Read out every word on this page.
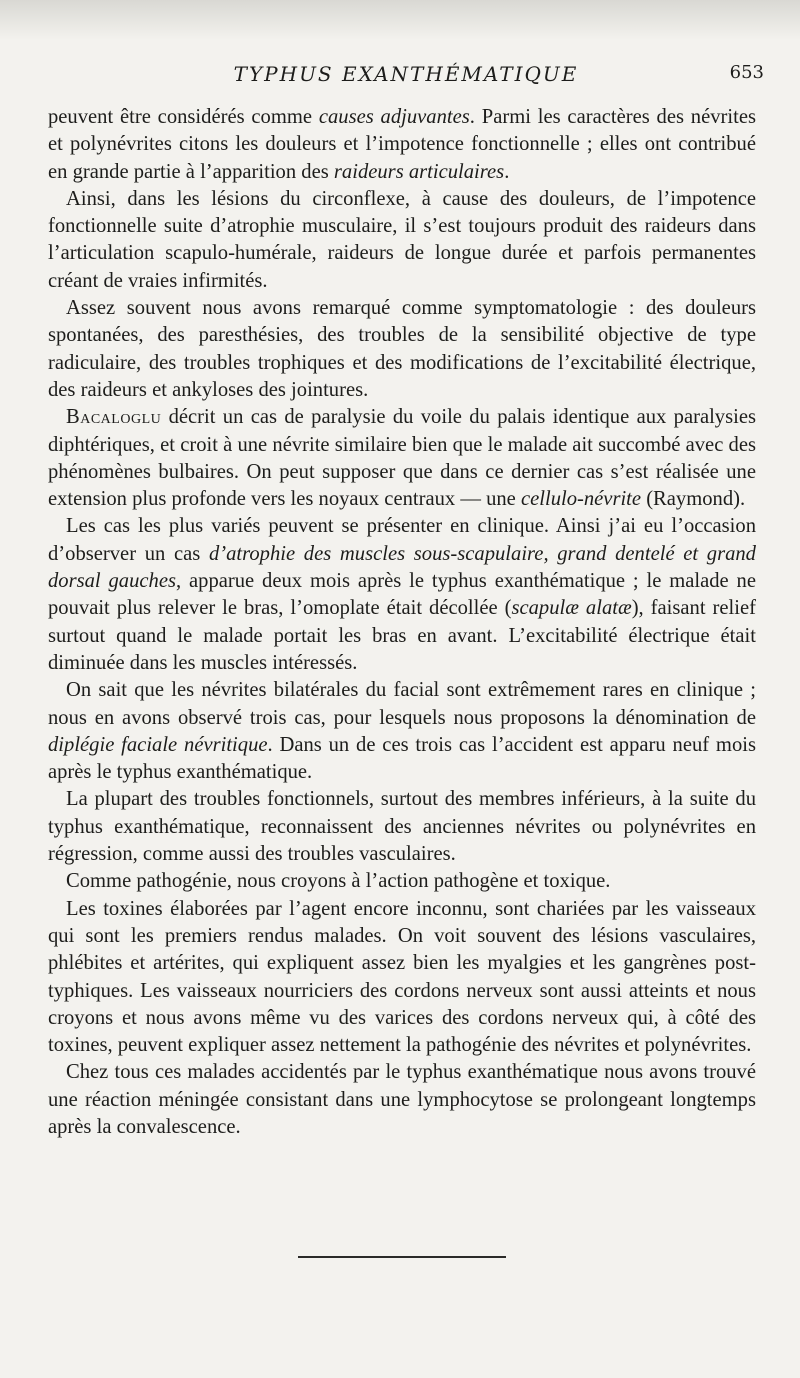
TYPHUS EXANTHÉMATIQUE	653

peuvent être considérés comme causes adjuvantes. Parmi les caractères des névrites et polynévrites citons les douleurs et l’impotence fonctionnelle ; elles ont contribué en grande partie à l’apparition des raideurs articulaires.

Ainsi, dans les lésions du circonflexe, à cause des douleurs, de l’impotence fonctionnelle suite d’atrophie musculaire, il s’est toujours produit des raideurs dans l’articulation scapulo-humérale, raideurs de longue durée et parfois permanentes créant de vraies infirmités.

Assez souvent nous avons remarqué comme symptomatologie : des douleurs spontanées, des paresthésies, des troubles de la sensibilité objective de type radiculaire, des troubles trophiques et des modifications de l’excitabilité électrique, des raideurs et ankyloses des jointures.

Bacaloglu décrit un cas de paralysie du voile du palais identique aux paralysies diphtériques, et croit à une névrite similaire bien que le malade ait succombé avec des phénomènes bulbaires. On peut supposer que dans ce dernier cas s’est réalisée une extension plus profonde vers les noyaux centraux — une cellulo-névrite (Raymond).

Les cas les plus variés peuvent se présenter en clinique. Ainsi j’ai eu l’occasion d’observer un cas d’atrophie des muscles sous-scapulaire, grand dentelé et grand dorsal gauches, apparue deux mois après le typhus exanthématique ; le malade ne pouvait plus relever le bras, l’omoplate était décollée (scapulæ alatæ), faisant relief surtout quand le malade portait les bras en avant. L’excitabilité électrique était diminuée dans les muscles intéressés.

On sait que les névrites bilatérales du facial sont extrêmement rares en clinique ; nous en avons observé trois cas, pour lesquels nous proposons la dénomination de diplégie faciale névritique. Dans un de ces trois cas l’accident est apparu neuf mois après le typhus exanthématique.

La plupart des troubles fonctionnels, surtout des membres inférieurs, à la suite du typhus exanthématique, reconnaissent des anciennes névrites ou polynévrites en régression, comme aussi des troubles vasculaires.

Comme pathogénie, nous croyons à l’action pathogène et toxique.

Les toxines élaborées par l’agent encore inconnu, sont chariées par les vaisseaux qui sont les premiers rendus malades. On voit souvent des lésions vasculaires, phlébites et artérites, qui expliquent assez bien les myalgies et les gangrènes post-typhiques. Les vaisseaux nourriciers des cordons nerveux sont aussi atteints et nous croyons et nous avons même vu des varices des cordons nerveux qui, à côté des toxines, peuvent expliquer assez nettement la pathogénie des névrites et polynévrites.

Chez tous ces malades accidentés par le typhus exanthématique nous avons trouvé une réaction méningée consistant dans une lymphocytose se prolongeant longtemps après la convalescence.
